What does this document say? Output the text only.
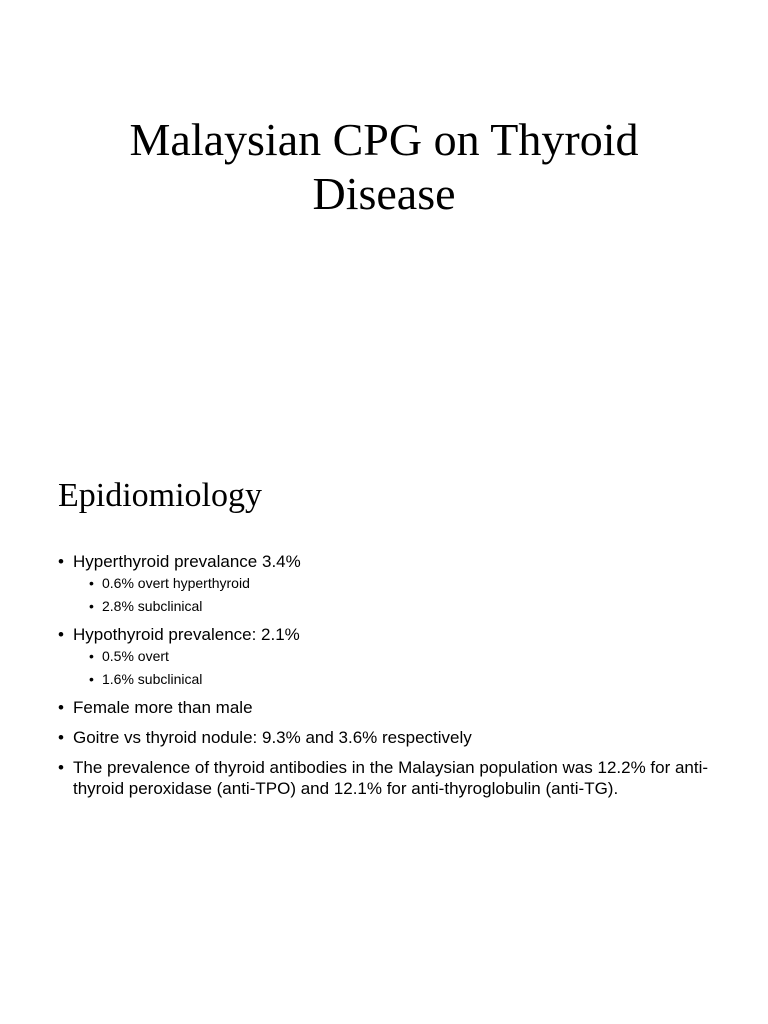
Malaysian CPG on Thyroid
Disease
Epidiomiology
• Hyperthyroid prevalance 3.4%
• 0.6% overt hyperthyroid
• 2.8% subclinical
• Hypothyroid prevalence: 2.1%
• 0.5% overt
• 1.6% subclinical
• Female more than male
• Goitre vs thyroid nodule: 9.3% and 3.6% respectively
• The prevalence of thyroid antibodies in the Malaysian population was 12.2% for anti-thyroid peroxidase (anti-TPO) and 12.1% for anti-thyroglobulin (anti-TG).
